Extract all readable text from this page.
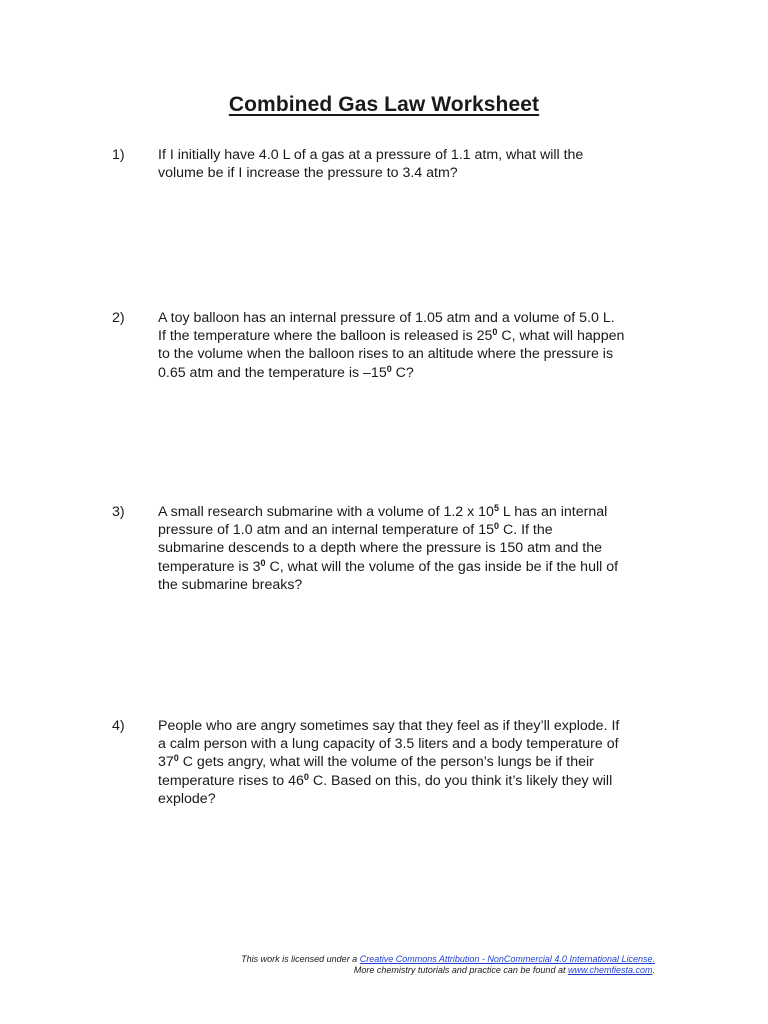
Combined Gas Law Worksheet
1)	If I initially have 4.0 L of a gas at a pressure of 1.1 atm, what will the
volume be if I increase the pressure to 3.4 atm?
2)	A toy balloon has an internal pressure of 1.05 atm and a volume of 5.0 L.
If the temperature where the balloon is released is $25^0$ C, what will happen
to the volume when the balloon rises to an altitude where the pressure is
0.65 atm and the temperature is $-15^0$ C?
3)	A small research submarine with a volume of 1.2 x $10^5$ L has an internal
pressure of 1.0 atm and an internal temperature of $15^0$ C. If the
submarine descends to a depth where the pressure is 150 atm and the
temperature is $3^0$ C, what will the volume of the gas inside be if the hull of
the submarine breaks?
4)	People who are angry sometimes say that they feel as if they’ll explode. If
a calm person with a lung capacity of 3.5 liters and a body temperature of
$37^0$ C gets angry, what will the volume of the person’s lungs be if their
temperature rises to $46^0$ C. Based on this, do you think it’s likely they will
explode?
This work is licensed under a Creative Commons Attribution - NonCommercial 4.0 International License.
More chemistry tutorials and practice can be found at www.chemfiesta.com.
